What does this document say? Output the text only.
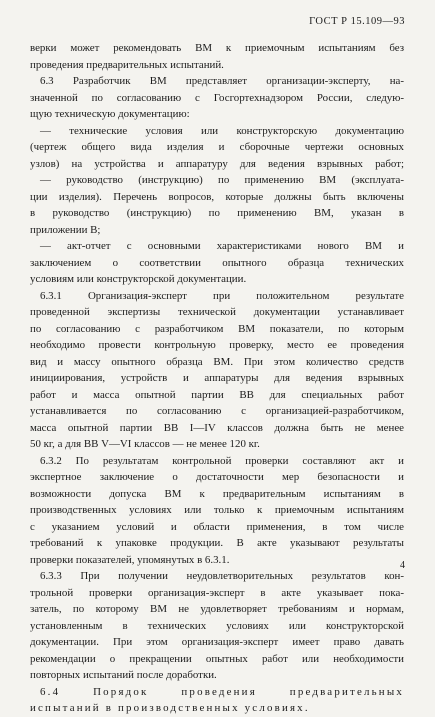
ГОСТ Р 15.109—93
верки может рекомендовать ВМ к приемочным испытаниям без
проведения предварительных испытаний.
6.3 Разработчик ВМ представляет организации-эксперту, на-
значенной по согласованию с Госгортехнадзором России, следую-
щую техническую документацию:
— технические условия или конструкторскую документацию
(чертеж общего вида изделия и сборочные чертежи основных
узлов) на устройства и аппаратуру для ведения взрывных работ;
— руководство (инструкцию) по применению ВМ (эксплуата-
ции изделия). Перечень вопросов, которые должны быть включены
в руководство (инструкцию) по применению ВМ, указан в
приложении В;
— акт-отчет с основными характеристиками нового ВМ и
заключением о соответствии опытного образца технических
условиям или конструкторской документации.
6.3.1 Организация-эксперт при положительном результате
проведенной экспертизы технической документации устанавливает
по согласованию с разработчиком ВМ показатели, по которым
необходимо провести контрольную проверку, место ее проведения
вид и массу опытного образца ВМ. При этом количество средств
инициирования, устройств и аппаратуры для ведения взрывных
работ и масса опытной партии ВВ для специальных работ
устанавливается по согласованию с организацией-разработчиком,
масса опытной партии ВВ I—IV классов должна быть не менее
50 кг, а для ВВ V—VI классов — не менее 120 кг.
6.3.2 По результатам контрольной проверки составляют акт и
экспертное заключение о достаточности мер безопасности и
возможности допуска ВМ к предварительным испытаниям в
производственных условиях или только к приемочным испытаниям
с указанием условий и области применения, в том числе
требований к упаковке продукции. В акте указывают результаты
проверки показателей, упомянутых в 6.3.1.
6.3.3 При получении неудовлетворительных результатов кон-
трольной проверки организация-эксперт в акте указывает пока-
затель, по которому ВМ не удовлетворяет требованиям и нормам,
установленным в технических условиях или конструкторской
документации. При этом организация-эксперт имеет право давать
рекомендации о прекращении опытных работ или необходимости
повторных испытаний после доработки.
6.4 Порядок проведения предварительных
испытаний в производственных условиях.
4
